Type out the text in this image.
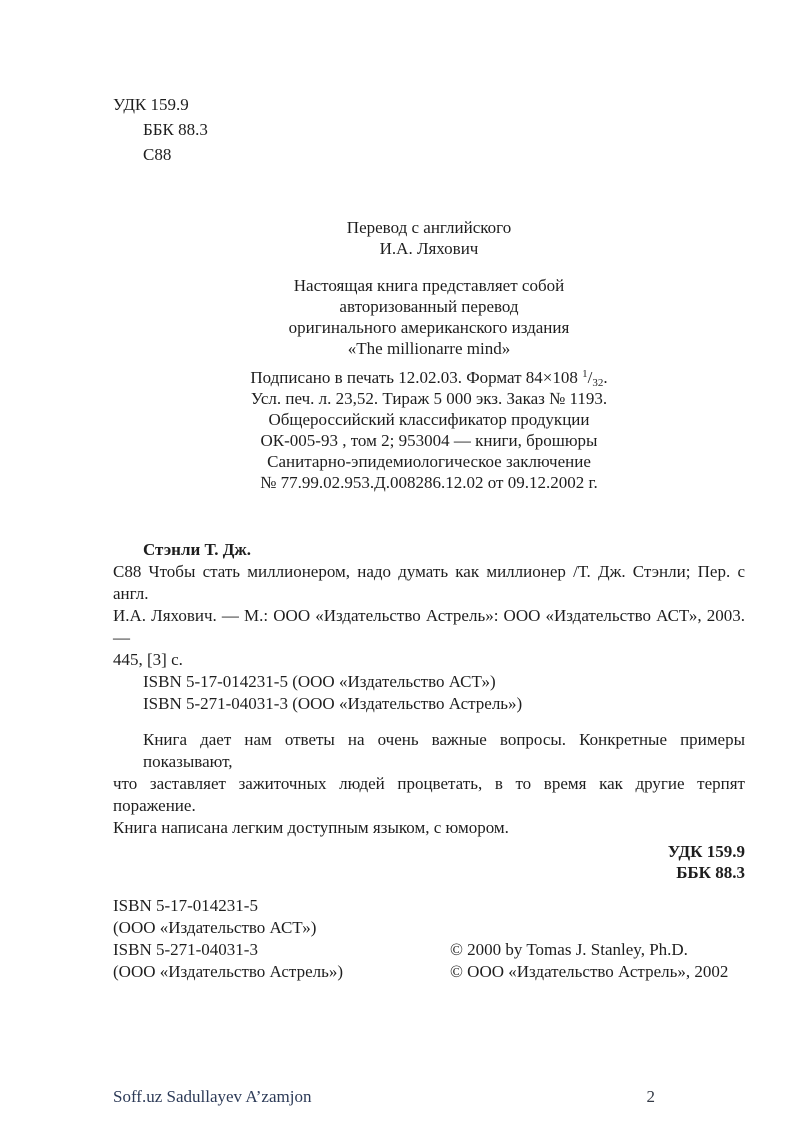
УДК 159.9
ББК 88.3
С88
Перевод с английского
И.А. Ляхович
Настоящая книга представляет собой
авторизованный перевод
оригинального американского издания
«The millionarre mind»
Подписано в печать 12.02.03. Формат 84×108 $^1/_{32}$.
Усл. печ. л. 23,52. Тираж 5 000 экз. Заказ № 1193.
Общероссийский классификатор продукции
ОК-005-93 , том 2; 953004 — книги, брошюры
Санитарно-эпидемиологическое заключение
№ 77.99.02.953.Д.008286.12.02 от 09.12.2002 г.
Стэнли Т. Дж.
С88 Чтобы стать миллионером, надо думать как миллионер /Т. Дж. Стэнли; Пер. с англ.
И.А. Ляхович. — М.: ООО «Издательство Астрель»: ООО «Издательство АСТ», 2003. —
445, [3] с.
ISBN 5-17-014231-5 (ООО «Издательство АСТ»)
ISBN 5-271-04031-3 (ООО «Издательство Астрель»)
Книга дает нам ответы на очень важные вопросы. Конкретные примеры показывают,
что заставляет зажиточных людей процветать, в то время как другие терпят поражение.
Книга написана легким доступным языком, с юмором.
УДК 159.9
ББК 88.3
ISBN 5-17-014231-5
(ООО «Издательство АСТ»)
ISBN 5-271-04031-3	© 2000 by Tomas J. Stanley, Ph.D.
(ООО «Издательство Астрель»)	© ООО «Издательство Астрель», 2002
Soff.uz Sadullayev A’zamjon	2
